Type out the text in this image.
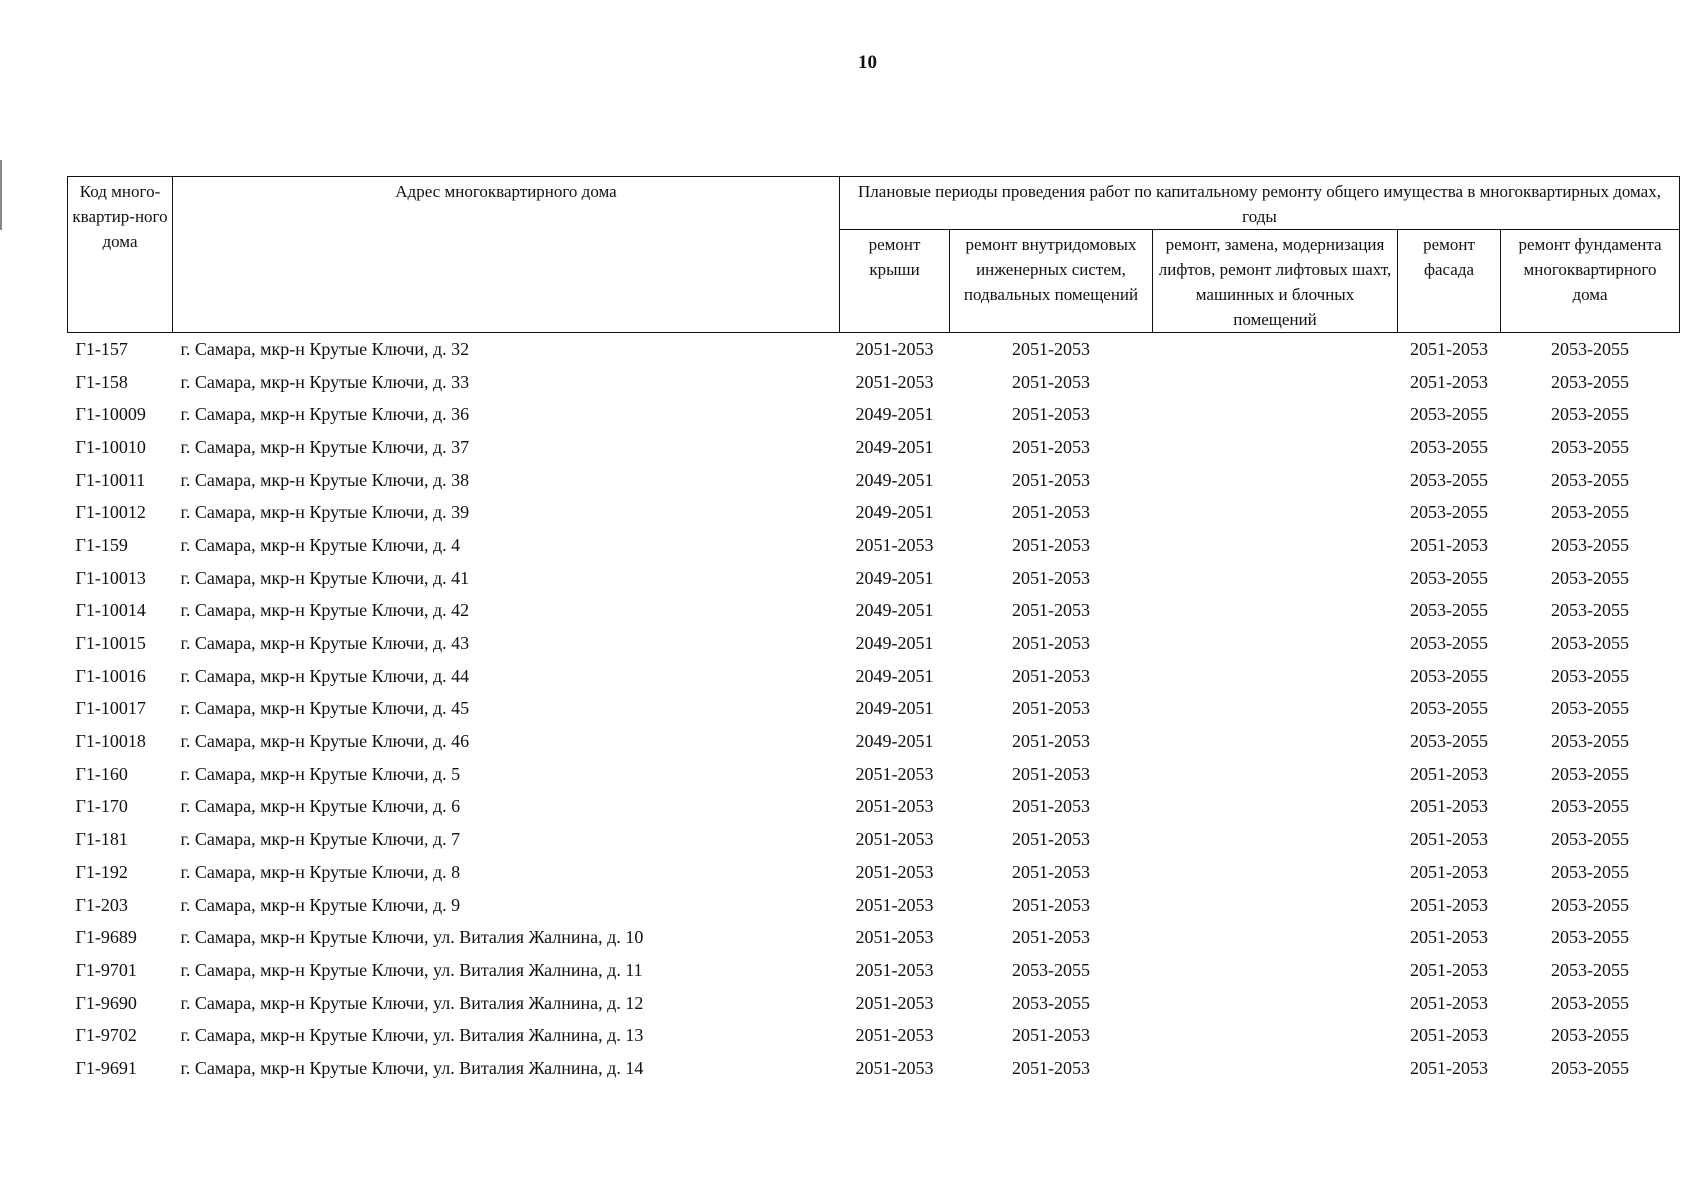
10
Код много-квартир-ного дома	Адрес многоквартирного дома	Плановые периоды проведения работ по капитальному ремонту общего имущества в многоквартирных домах, годы				
		ремонт крыши	ремонт внутридомовых инженерных систем, подвальных помещений	ремонт, замена, модернизация лифтов, ремонт лифтовых шахт, машинных и блочных помещений	ремонт фасада	ремонт фундамента многоквартирного дома
Г1-157	г. Самара, мкр-н Крутые Ключи, д. 32	2051-2053	2051-2053		2051-2053	2053-2055
Г1-158	г. Самара, мкр-н Крутые Ключи, д. 33	2051-2053	2051-2053		2051-2053	2053-2055
Г1-10009	г. Самара, мкр-н Крутые Ключи, д. 36	2049-2051	2051-2053		2053-2055	2053-2055
Г1-10010	г. Самара, мкр-н Крутые Ключи, д. 37	2049-2051	2051-2053		2053-2055	2053-2055
Г1-10011	г. Самара, мкр-н Крутые Ключи, д. 38	2049-2051	2051-2053		2053-2055	2053-2055
Г1-10012	г. Самара, мкр-н Крутые Ключи, д. 39	2049-2051	2051-2053		2053-2055	2053-2055
Г1-159	г. Самара, мкр-н Крутые Ключи, д. 4	2051-2053	2051-2053		2051-2053	2053-2055
Г1-10013	г. Самара, мкр-н Крутые Ключи, д. 41	2049-2051	2051-2053		2053-2055	2053-2055
Г1-10014	г. Самара, мкр-н Крутые Ключи, д. 42	2049-2051	2051-2053		2053-2055	2053-2055
Г1-10015	г. Самара, мкр-н Крутые Ключи, д. 43	2049-2051	2051-2053		2053-2055	2053-2055
Г1-10016	г. Самара, мкр-н Крутые Ключи, д. 44	2049-2051	2051-2053		2053-2055	2053-2055
Г1-10017	г. Самара, мкр-н Крутые Ключи, д. 45	2049-2051	2051-2053		2053-2055	2053-2055
Г1-10018	г. Самара, мкр-н Крутые Ключи, д. 46	2049-2051	2051-2053		2053-2055	2053-2055
Г1-160	г. Самара, мкр-н Крутые Ключи, д. 5	2051-2053	2051-2053		2051-2053	2053-2055
Г1-170	г. Самара, мкр-н Крутые Ключи, д. 6	2051-2053	2051-2053		2051-2053	2053-2055
Г1-181	г. Самара, мкр-н Крутые Ключи, д. 7	2051-2053	2051-2053		2051-2053	2053-2055
Г1-192	г. Самара, мкр-н Крутые Ключи, д. 8	2051-2053	2051-2053		2051-2053	2053-2055
Г1-203	г. Самара, мкр-н Крутые Ключи, д. 9	2051-2053	2051-2053		2051-2053	2053-2055
Г1-9689	г. Самара, мкр-н Крутые Ключи, ул. Виталия Жалнина, д. 10	2051-2053	2051-2053		2051-2053	2053-2055
Г1-9701	г. Самара, мкр-н Крутые Ключи, ул. Виталия Жалнина, д. 11	2051-2053	2053-2055		2051-2053	2053-2055
Г1-9690	г. Самара, мкр-н Крутые Ключи, ул. Виталия Жалнина, д. 12	2051-2053	2053-2055		2051-2053	2053-2055
Г1-9702	г. Самара, мкр-н Крутые Ключи, ул. Виталия Жалнина, д. 13	2051-2053	2051-2053		2051-2053	2053-2055
Г1-9691	г. Самара, мкр-н Крутые Ключи, ул. Виталия Жалнина, д. 14	2051-2053	2051-2053		2051-2053	2053-2055
